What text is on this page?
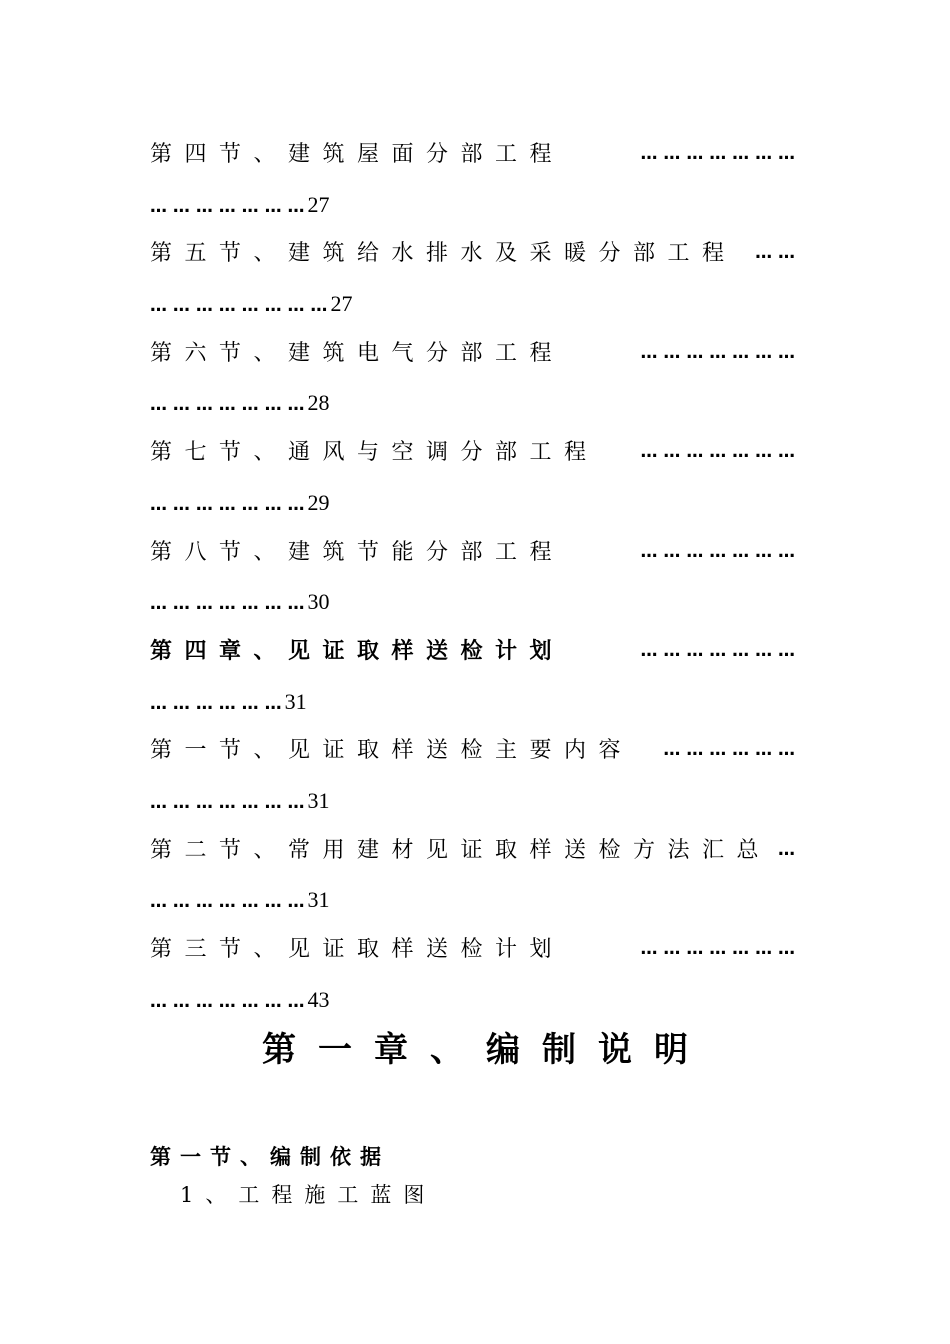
第四节、建筑屋面分部工程	… … … … … … …
… … … … … … … 27
第五节、建筑给水排水及采暖分部工程	… …
… … … … … … … … 27
第六节、建筑电气分部工程	… … … … … … …
… … … … … … … 28
第七节、通风与空调分部工程	… … … … … … …
… … … … … … … 29
第八节、建筑节能分部工程	… … … … … … …
… … … … … … … 30
第四章、见证取样送检计划	… … … … … … …
… … … … … … 31
第一节、见证取样送检主要内容	… … … … … …
… … … … … … … 31
第二节、常用建材见证取样送检方法汇总 …
… … … … … … … 31
第三节、见证取样送检计划	… … … … … … …
… … … … … … … 43
第一章、编制说明
第一节、编制依据
1、工程施工蓝图
